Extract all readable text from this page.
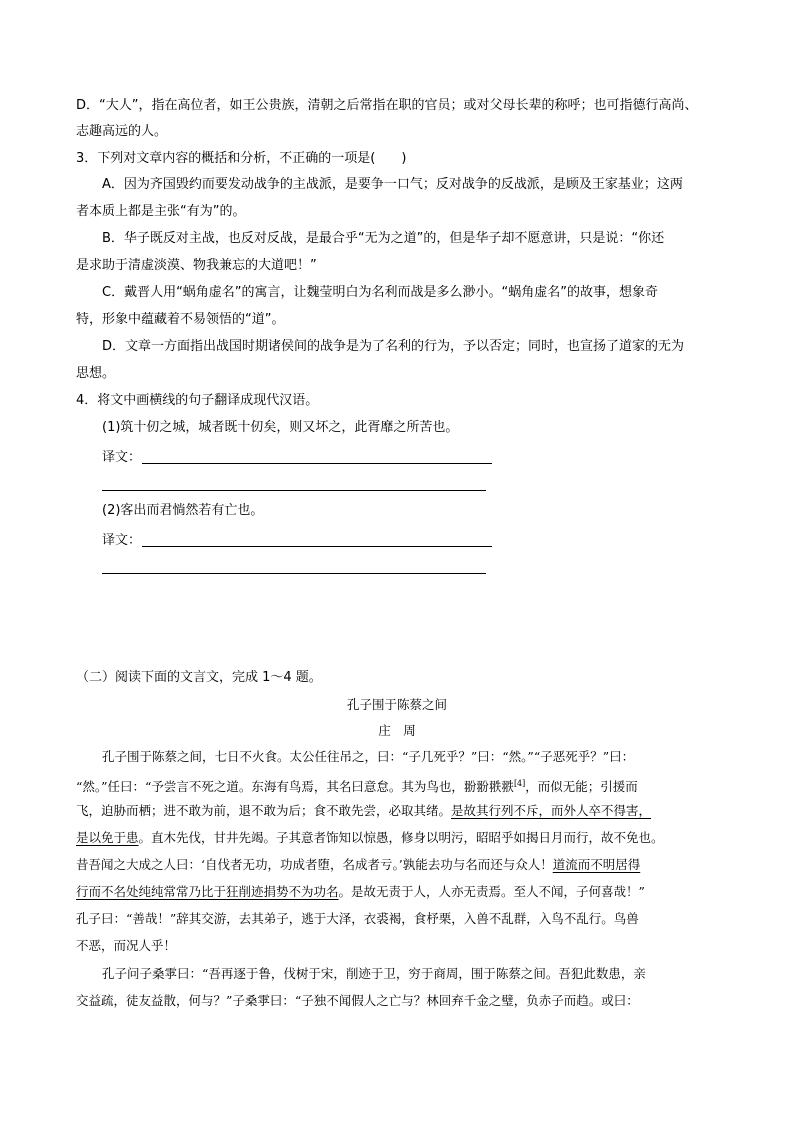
D．“大人”，指在高位者，如王公贵族，清朝之后常指在职的官员；或对父母长辈的称呼；也可指德行高尚、
志趣高远的人。
3．下列对文章内容的概括和分析，不正确的一项是(　　)
A．因为齐国毁约而要发动战争的主战派，是要争一口气；反对战争的反战派，是顾及王家基业；这两
者本质上都是主张“有为”的。
B．华子既反对主战，也反对反战，是最合乎“无为之道”的，但是华子却不愿意讲，只是说：“你还
是求助于清虚淡漠、物我兼忘的大道吧！”
C．戴晋人用“蜗角虚名”的寓言，让魏莹明白为名利而战是多么渺小。“蜗角虚名”的故事，想象奇
特，形象中蕴藏着不易领悟的“道”。
D．文章一方面指出战国时期诸侯间的战争是为了名利的行为，予以否定；同时，也宣扬了道家的无为
思想。
4．将文中画横线的句子翻译成现代汉语。
(1)筑十仞之城，城者既十仞矣，则又坏之，此胥靡之所苦也。
译文：
(2)客出而君惝然若有亡也。
译文：
（二）阅读下面的文言文，完成 1～4 题。
孔子围于陈蔡之间
庄　周
孔子围于陈蔡之间，七日不火食。太公任往吊之，曰：“子几死乎？”曰：“然。”“子恶死乎？”曰：
“然。”任曰：“予尝言不死之道。东海有鸟焉，其名曰意怠。其为鸟也，翂翂翐翐[4]，而似无能；引援而
飞，迫胁而栖；进不敢为前，退不敢为后；食不敢先尝，必取其绪。是故其行列不斥，而外人卒不得害，
是以免于患。直木先伐，甘井先竭。子其意者饰知以惊愚，修身以明污，昭昭乎如揭日月而行，故不免也。
昔吾闻之大成之人曰：‘自伐者无功，功成者堕，名成者亏。’孰能去功与名而还与众人！道流而不明居得
行而不名处纯纯常常乃比于狂削迹捐势不为功名。是故无责于人，人亦无责焉。至人不闻，子何喜哉！”
孔子曰：“善哉！”辞其交游，去其弟子，逃于大泽，衣裘褐，食杼栗，入兽不乱群，入鸟不乱行。鸟兽
不恶，而况人乎！
孔子问子桑雽曰：“吾再逐于鲁，伐树于宋，削迹于卫，穷于商周，围于陈蔡之间。吾犯此数患，亲
交益疏，徒友益散，何与？”子桑雽曰：“子独不闻假人之亡与？林回弃千金之璧，负赤子而趋。或曰：
